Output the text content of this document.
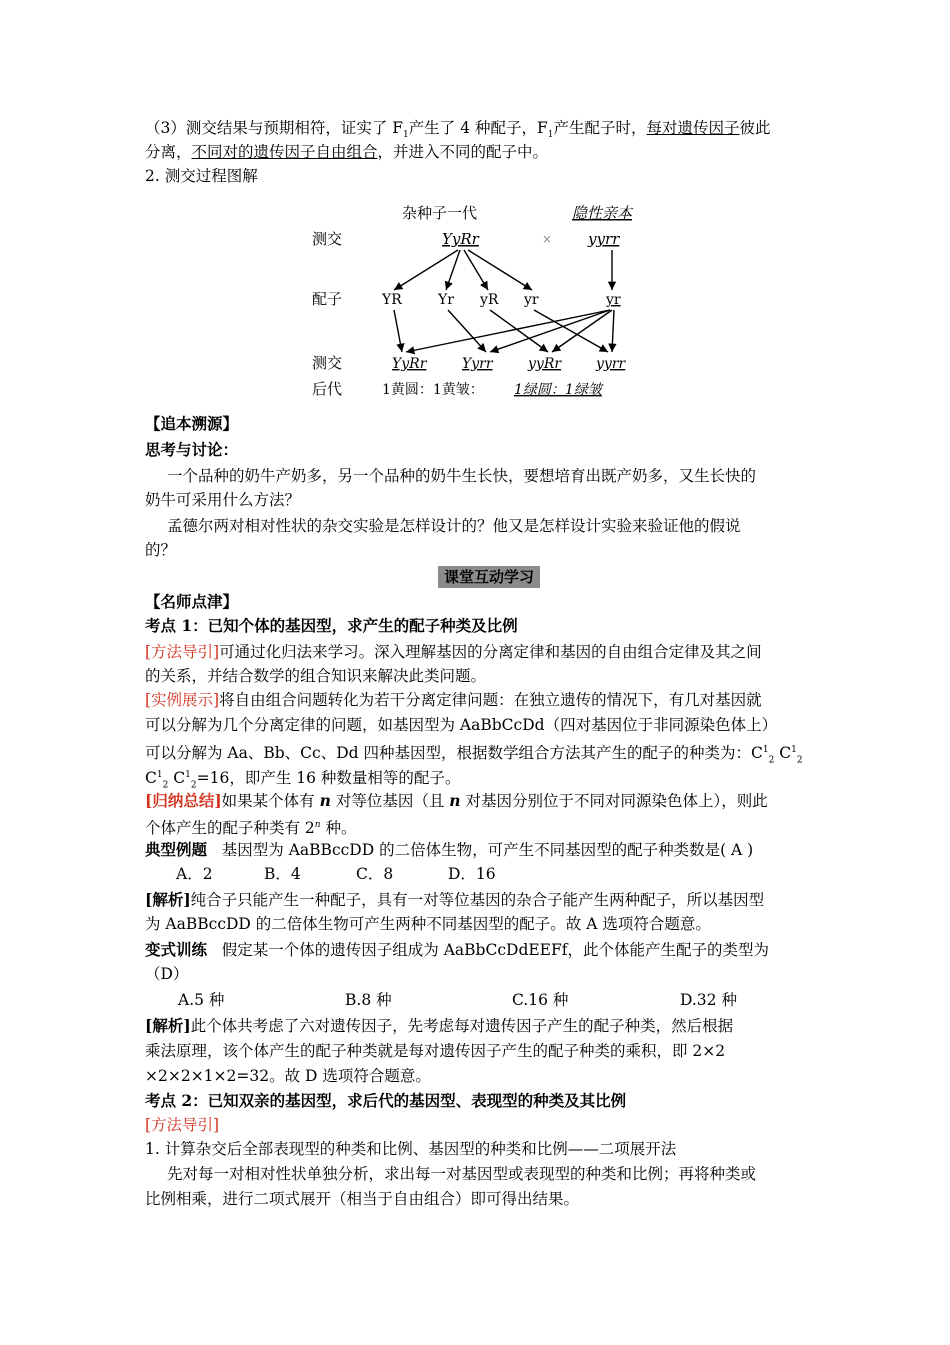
（3）测交结果与预期相符，证实了 $F_1$产生了 4 种配子，$F_1$产生配子时，每对遗传因子彼此
分离，不同对的遗传因子自由组合，并进入不同的配子中。
2. 测交过程图解
杂种子一代	隐性亲本
测交	YyRr	× yyrr
配子	YR	Yr yR yr	yr
测交	YyRr	Yyrr	yyRr yyrr
后代	1黄圆：1黄皱： 1绿圆：1绿皱
【追本溯源】
思考与讨论：
一个品种的奶牛产奶多，另一个品种的奶牛生长快，要想培育出既产奶多，又生长快的
奶牛可采用什么方法？
孟德尔两对相对性状的杂交实验是怎样设计的？他又是怎样设计实验来验证他的假说
的？
课堂互动学习
【名师点津】
考点 1：已知个体的基因型，求产生的配子种类及比例
[方法导引]可通过化归法来学习。深入理解基因的分离定律和基因的自由组合定律及其之间
的关系，并结合数学的组合知识来解决此类问题。
[实例展示]将自由组合问题转化为若干分离定律问题：在独立遗传的情况下，有几对基因就
可以分解为几个分离定律的问题，如基因型为 AaBbCcDd（四对基因位于非同源染色体上）
可以分解为 Aa、Bb、Cc、Dd 四种基因型，根据数学组合方法其产生的配子的种类为：$C^1_2$ $C^1_2$
$C^1_2$ $C^1_2=16$，即产生 16 种数量相等的配子。
[归纳总结]如果某个体有 n 对等位基因（且 n 对基因分别位于不同对同源染色体上），则此
个体产生的配子种类有 2$^n$ 种。
典型例题 基因型为 AaBBccDD 的二倍体生物，可产生不同基因型的配子种类数是( A )
A．2	B．4	C．8	D．16
[解析]纯合子只能产生一种配子，具有一对等位基因的杂合子能产生两种配子，所以基因型
为 AaBBccDD 的二倍体生物可产生两种不同基因型的配子。故 A 选项符合题意。
变式训练 假定某一个体的遗传因子组成为 AaBbCcDdEEFf，此个体能产生配子的类型为
（D）
A.5 种	B.8 种	C.16 种	D.32 种
[解析]此个体共考虑了六对遗传因子，先考虑每对遗传因子产生的配子种类，然后根据
乘法原理，该个体产生的配子种类就是每对遗传因子产生的配子种类的乘积，即 2×2
×2×2×1×2=32。故 D 选项符合题意。
考点 2：已知双亲的基因型，求后代的基因型、表现型的种类及其比例
[方法导引]
1. 计算杂交后全部表现型的种类和比例、基因型的种类和比例——二项展开法
先对每一对相对性状单独分析，求出每一对基因型或表现型的种类和比例；再将种类或
比例相乘，进行二项式展开（相当于自由组合）即可得出结果。
